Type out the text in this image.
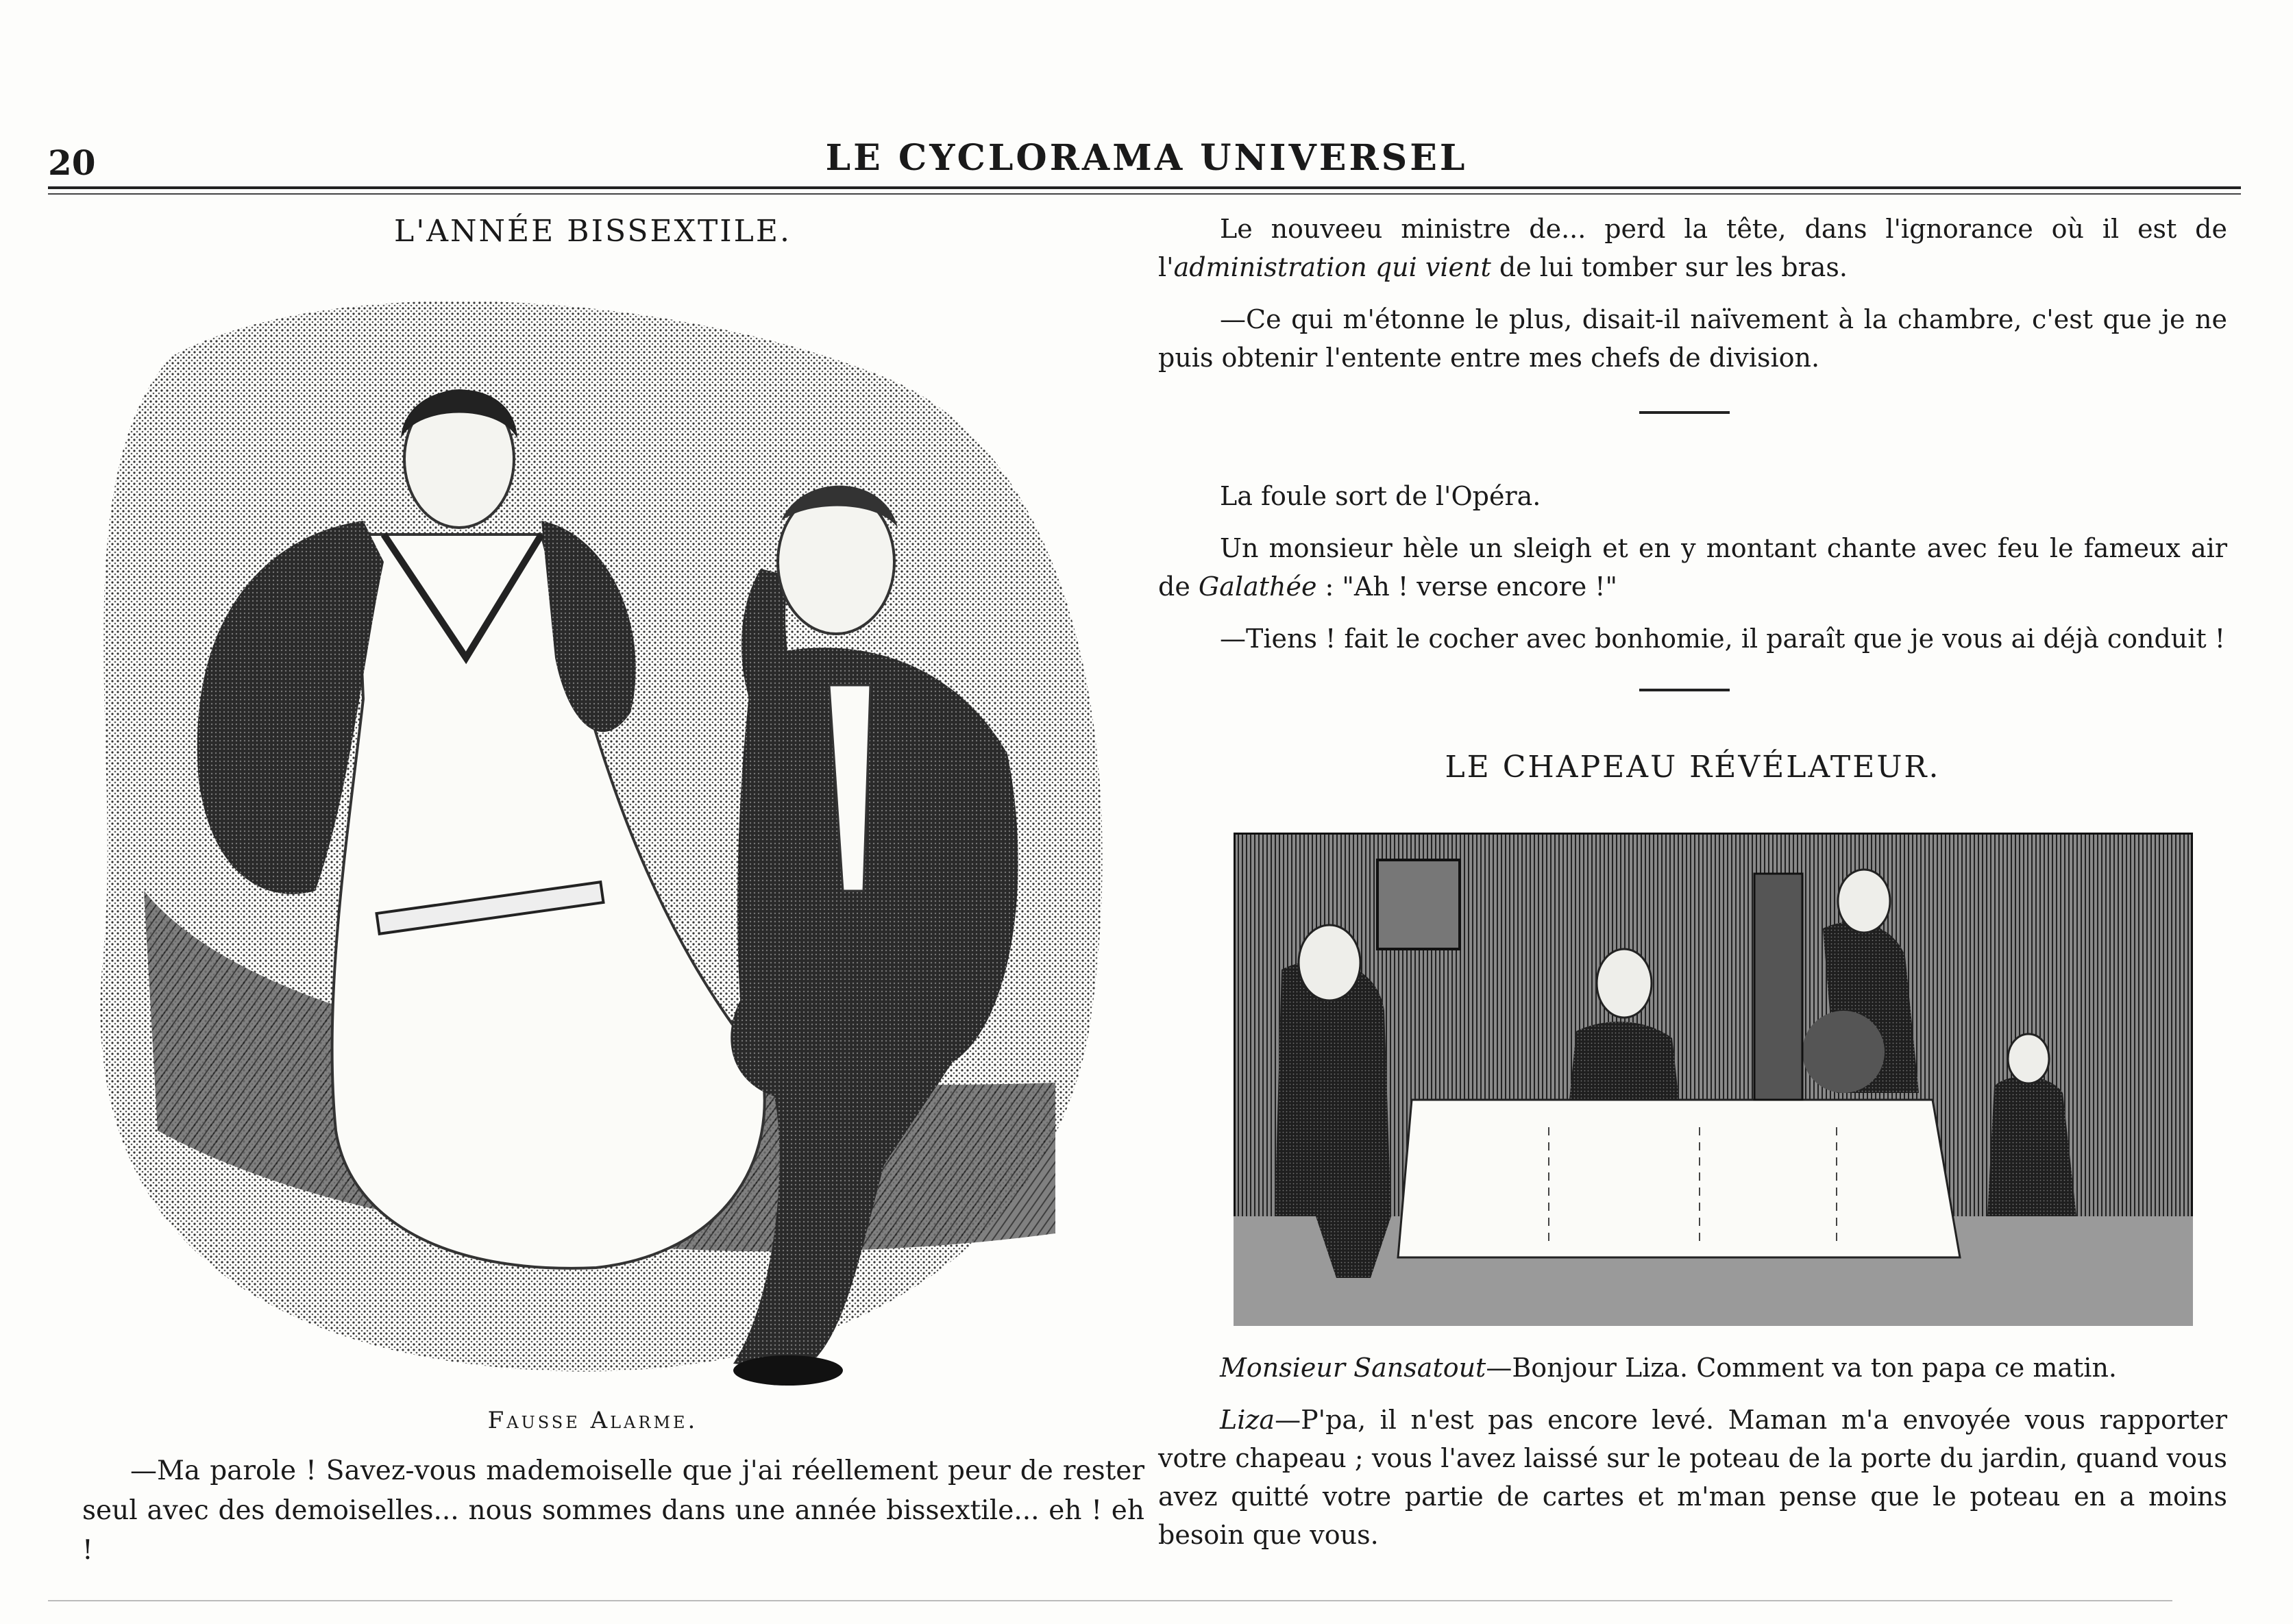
20	LE CYCLORAMA UNIVERSEL
L'ANNÉE BISSEXTILE.
Fausse Alarme.

—Ma parole ! Savez-vous mademoiselle que j'ai réellement peur de rester seul avec des demoiselles... nous sommes dans une année bissextile... eh ! eh !

Le nouveeu ministre de... perd la tête, dans l'ignorance où il est de l'administration qui vient de lui tomber sur les bras.

—Ce qui m'étonne le plus, disait-il naïvement à la chambre, c'est que je ne puis obtenir l'entente entre mes chefs de division.

La foule sort de l'Opéra.

Un monsieur hèle un sleigh et en y montant chante avec feu le fameux air de Galathée : "Ah ! verse encore !"

—Tiens ! fait le cocher avec bonhomie, il paraît que je vous ai déjà conduit !

LE CHAPEAU RÉVÉLATEUR.

Monsieur Sansatout—Bonjour Liza. Comment va ton papa ce matin.

Liza—P'pa, il n'est pas encore levé. Maman m'a envoyée vous rapporter votre chapeau ; vous l'avez laissé sur le poteau de la porte du jardin, quand vous avez quitté votre partie de cartes et m'man pense que le poteau en a moins besoin que vous.
